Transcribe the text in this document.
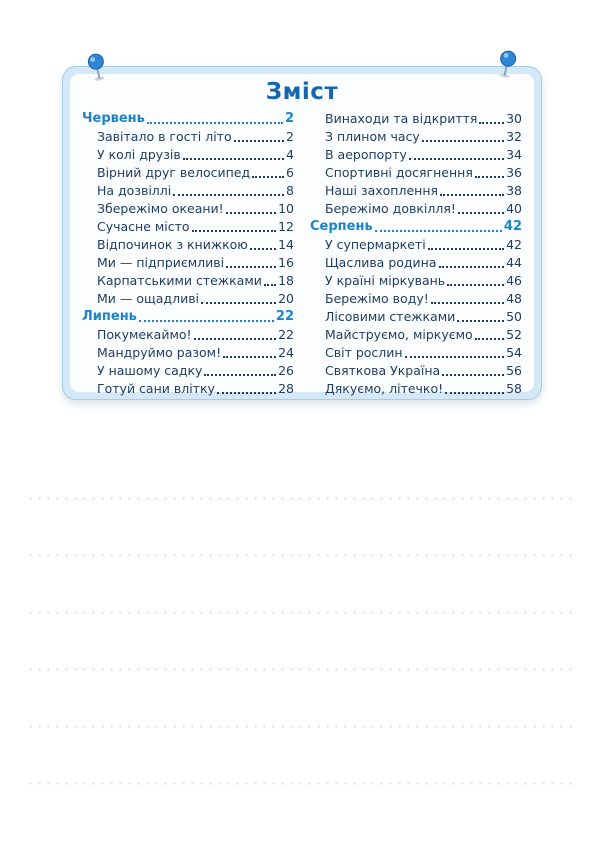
Зміст
Червень	2
Завітало в гості літо	2
У колі друзів	4
Вірний друг велосипед	6
На дозвіллі	8
Збережімо океани!	10
Сучасне місто	12
Відпочинок з книжкою 14
Ми — підприємливі	16
Карпатськими стежками 18
Ми — ощадливі	20
Липень	22
Покумекаймо!	22
Мандруймо разом!	24
У нашому садку	26
Готуй сани влітку	28
Винаходи та відкриття 30
З плином часу	32
В аеропорту	34
Спортивні досягнення	36
Наші захоплення	38
Бережімо довкілля!	40
Серпень	42
У супермаркеті	42
Щаслива родина	44
У країні міркувань	46
Бережімо воду!	48
Лісовими стежками	50
Майструємо, міркуємо	52
Світ рослин	54
Святкова Україна	56
Дякуємо, літечко!	58
